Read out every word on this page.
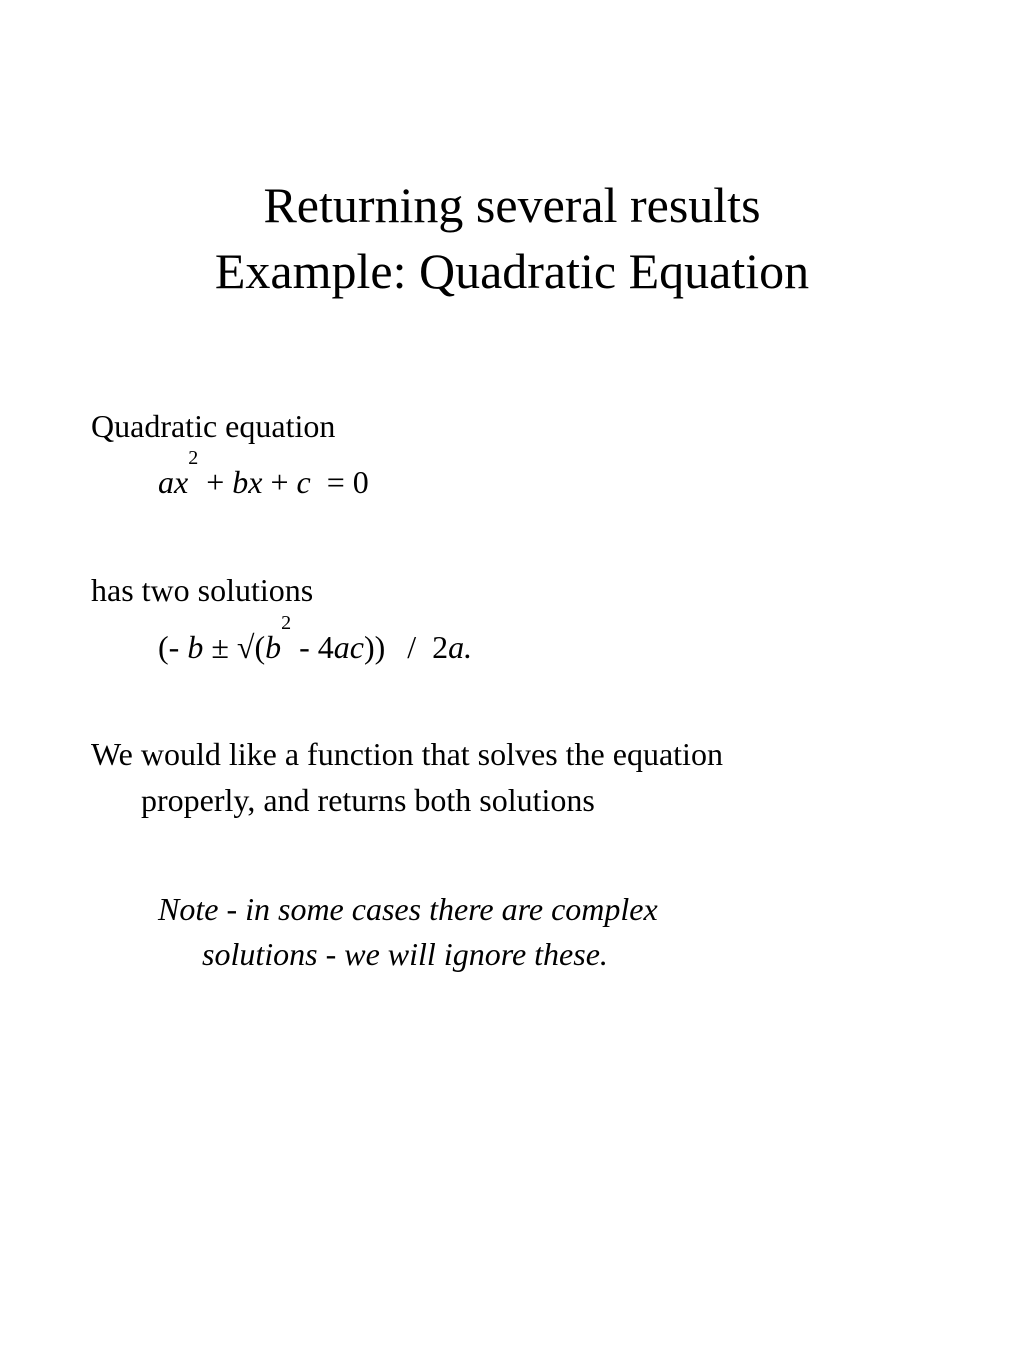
Returning several results
Example: Quadratic Equation
Quadratic equation
$ax^2$ + bx + c = 0
has two solutions
(- $b \pm √(b^2 - 4ac)) / 2a$.
We would like a function that solves the equation
properly, and returns both solutions
Note - in some cases there are complex
solutions - we will ignore these.
